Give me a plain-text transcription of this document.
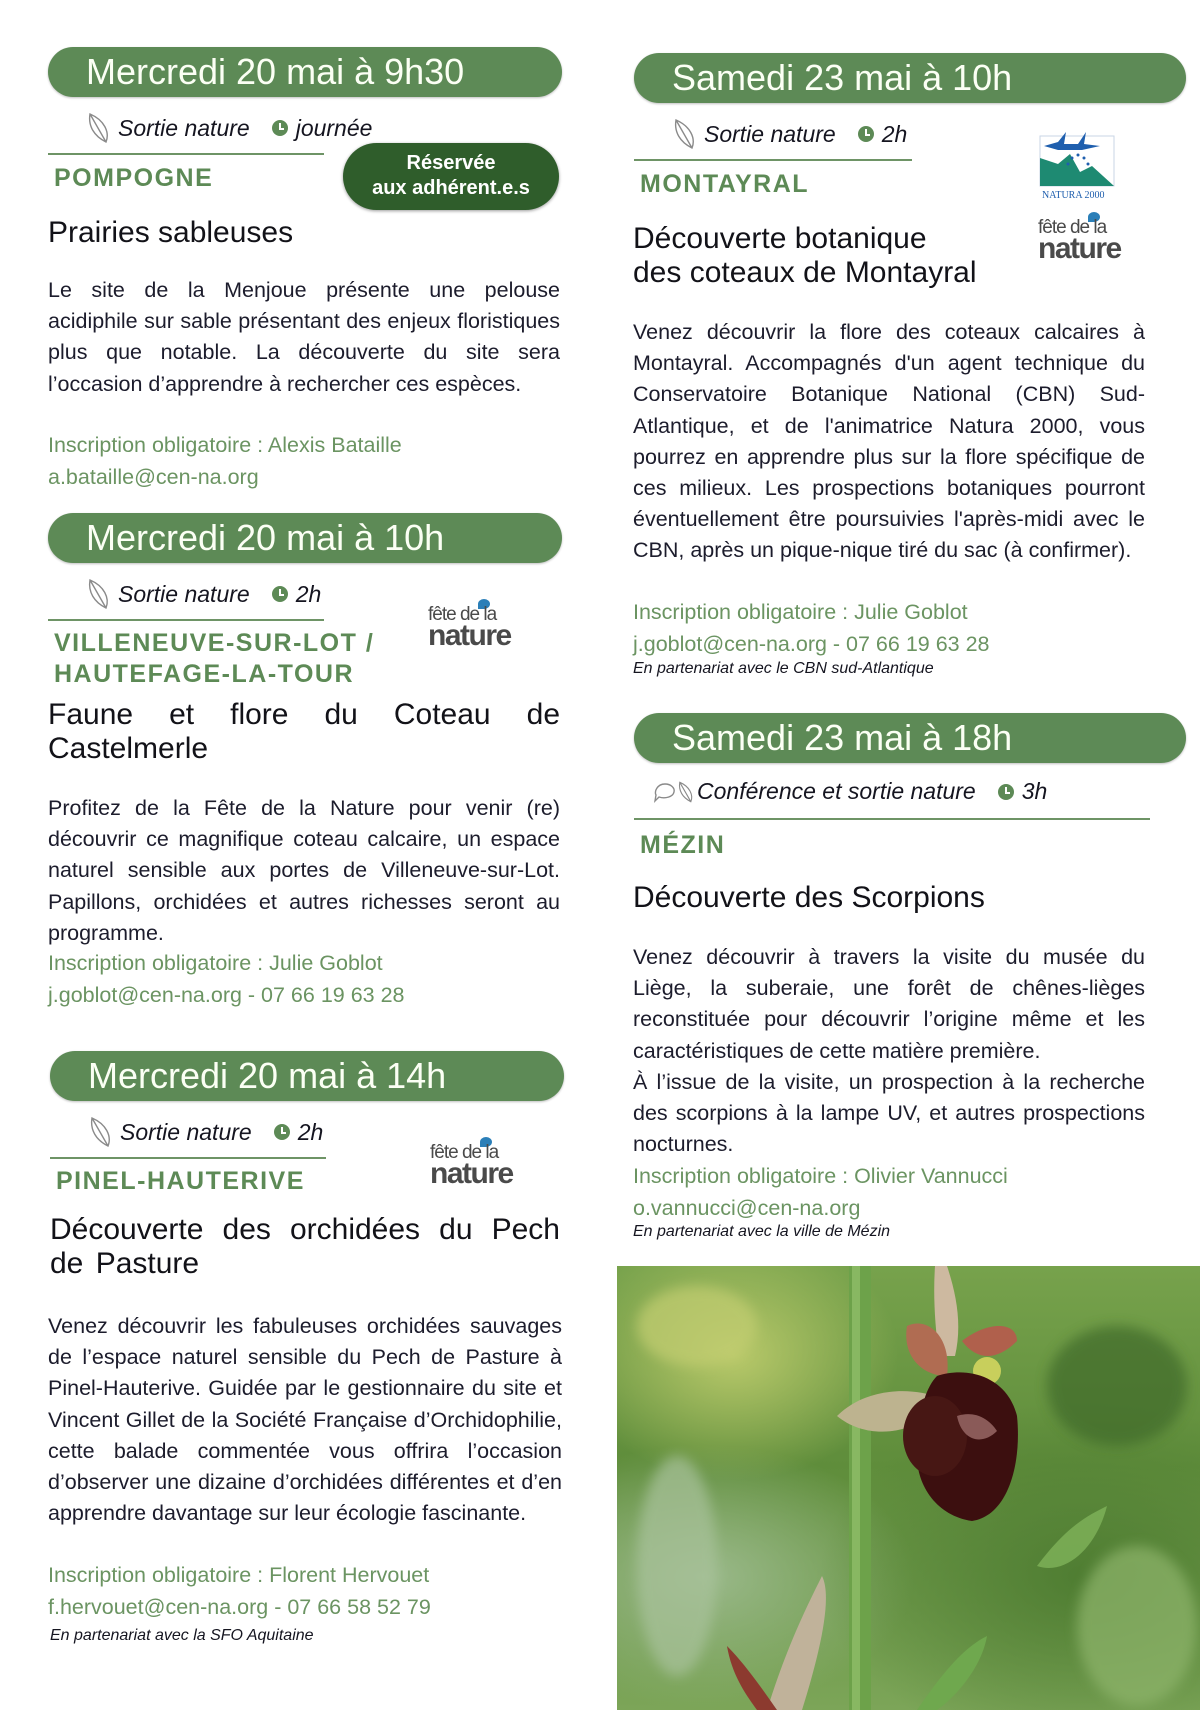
Mercredi 20 mai à 9h30
Sortie nature journée
POMPOGNE
Réservée
aux adhérent.e.s
Prairies sableuses
Le site de la Menjoue présente une pelouse acidiphile sur sable présentant des enjeux floristiques plus que notable. La découverte du site sera l’occasion d’apprendre à rechercher ces espèces.
Inscription obligatoire : Alexis Bataille
a.bataille@cen-na.org
Mercredi 20 mai à 10h
Sortie nature 2h
VILLENEUVE-SUR-LOT /
HAUTEFAGE-LA-TOUR
fête de la
nature
Faune et flore du Coteau de Castelmerle
Profitez de la Fête de la Nature pour venir (re) découvrir ce magnifique coteau calcaire, un espace naturel sensible aux portes de Villeneuve-sur-Lot. Papillons, orchidées et autres richesses seront au programme.
Inscription obligatoire : Julie Goblot
j.goblot@cen-na.org - 07 66 19 63 28
Mercredi 20 mai à 14h
Sortie nature 2h
PINEL-HAUTERIVE
fête de la
nature
Découverte des orchidées du Pech de Pasture
Venez découvrir les fabuleuses orchidées sauvages de l’espace naturel sensible du Pech de Pasture à Pinel-Hauterive. Guidée par le gestionnaire du site et Vincent Gillet de la Société Française d’Orchidophilie, cette balade commentée vous offrira l’occasion d’observer une dizaine d’orchidées différentes et d’en apprendre davantage sur leur écologie fascinante.
Inscription obligatoire : Florent Hervouet
f.hervouet@cen-na.org - 07 66 58 52 79
En partenariat avec la SFO Aquitaine
Samedi 23 mai à 10h
Sortie nature 2h
MONTAYRAL	NATURA 2000
fête de la
nature
Découverte botanique
des coteaux de Montayral
Venez découvrir la flore des coteaux calcaires à Montayral. Accompagnés d'un agent technique du Conservatoire Botanique National (CBN) Sud-Atlantique, et de l'animatrice Natura 2000, vous pourrez en apprendre plus sur la flore spécifique de ces milieux. Les prospections botaniques pourront éventuellement être poursuivies l'après-midi avec le CBN, après un pique-nique tiré du sac (à confirmer).
Inscription obligatoire : Julie Goblot
j.goblot@cen-na.org - 07 66 19 63 28
En partenariat avec le CBN sud-Atlantique
Samedi 23 mai à 18h
Conférence et sortie nature 3h
MÉZIN
Découverte des Scorpions
Venez découvrir à travers la visite du musée du Liège, la suberaie, une forêt de chênes-lièges reconstituée pour découvrir l’origine même et les caractéristiques de cette matière première.
À l’issue de la visite, un prospection à la recherche des scorpions à la lampe UV, et autres prospections nocturnes.
Inscription obligatoire : Olivier Vannucci
o.vannucci@cen-na.org
En partenariat avec la ville de Mézin
